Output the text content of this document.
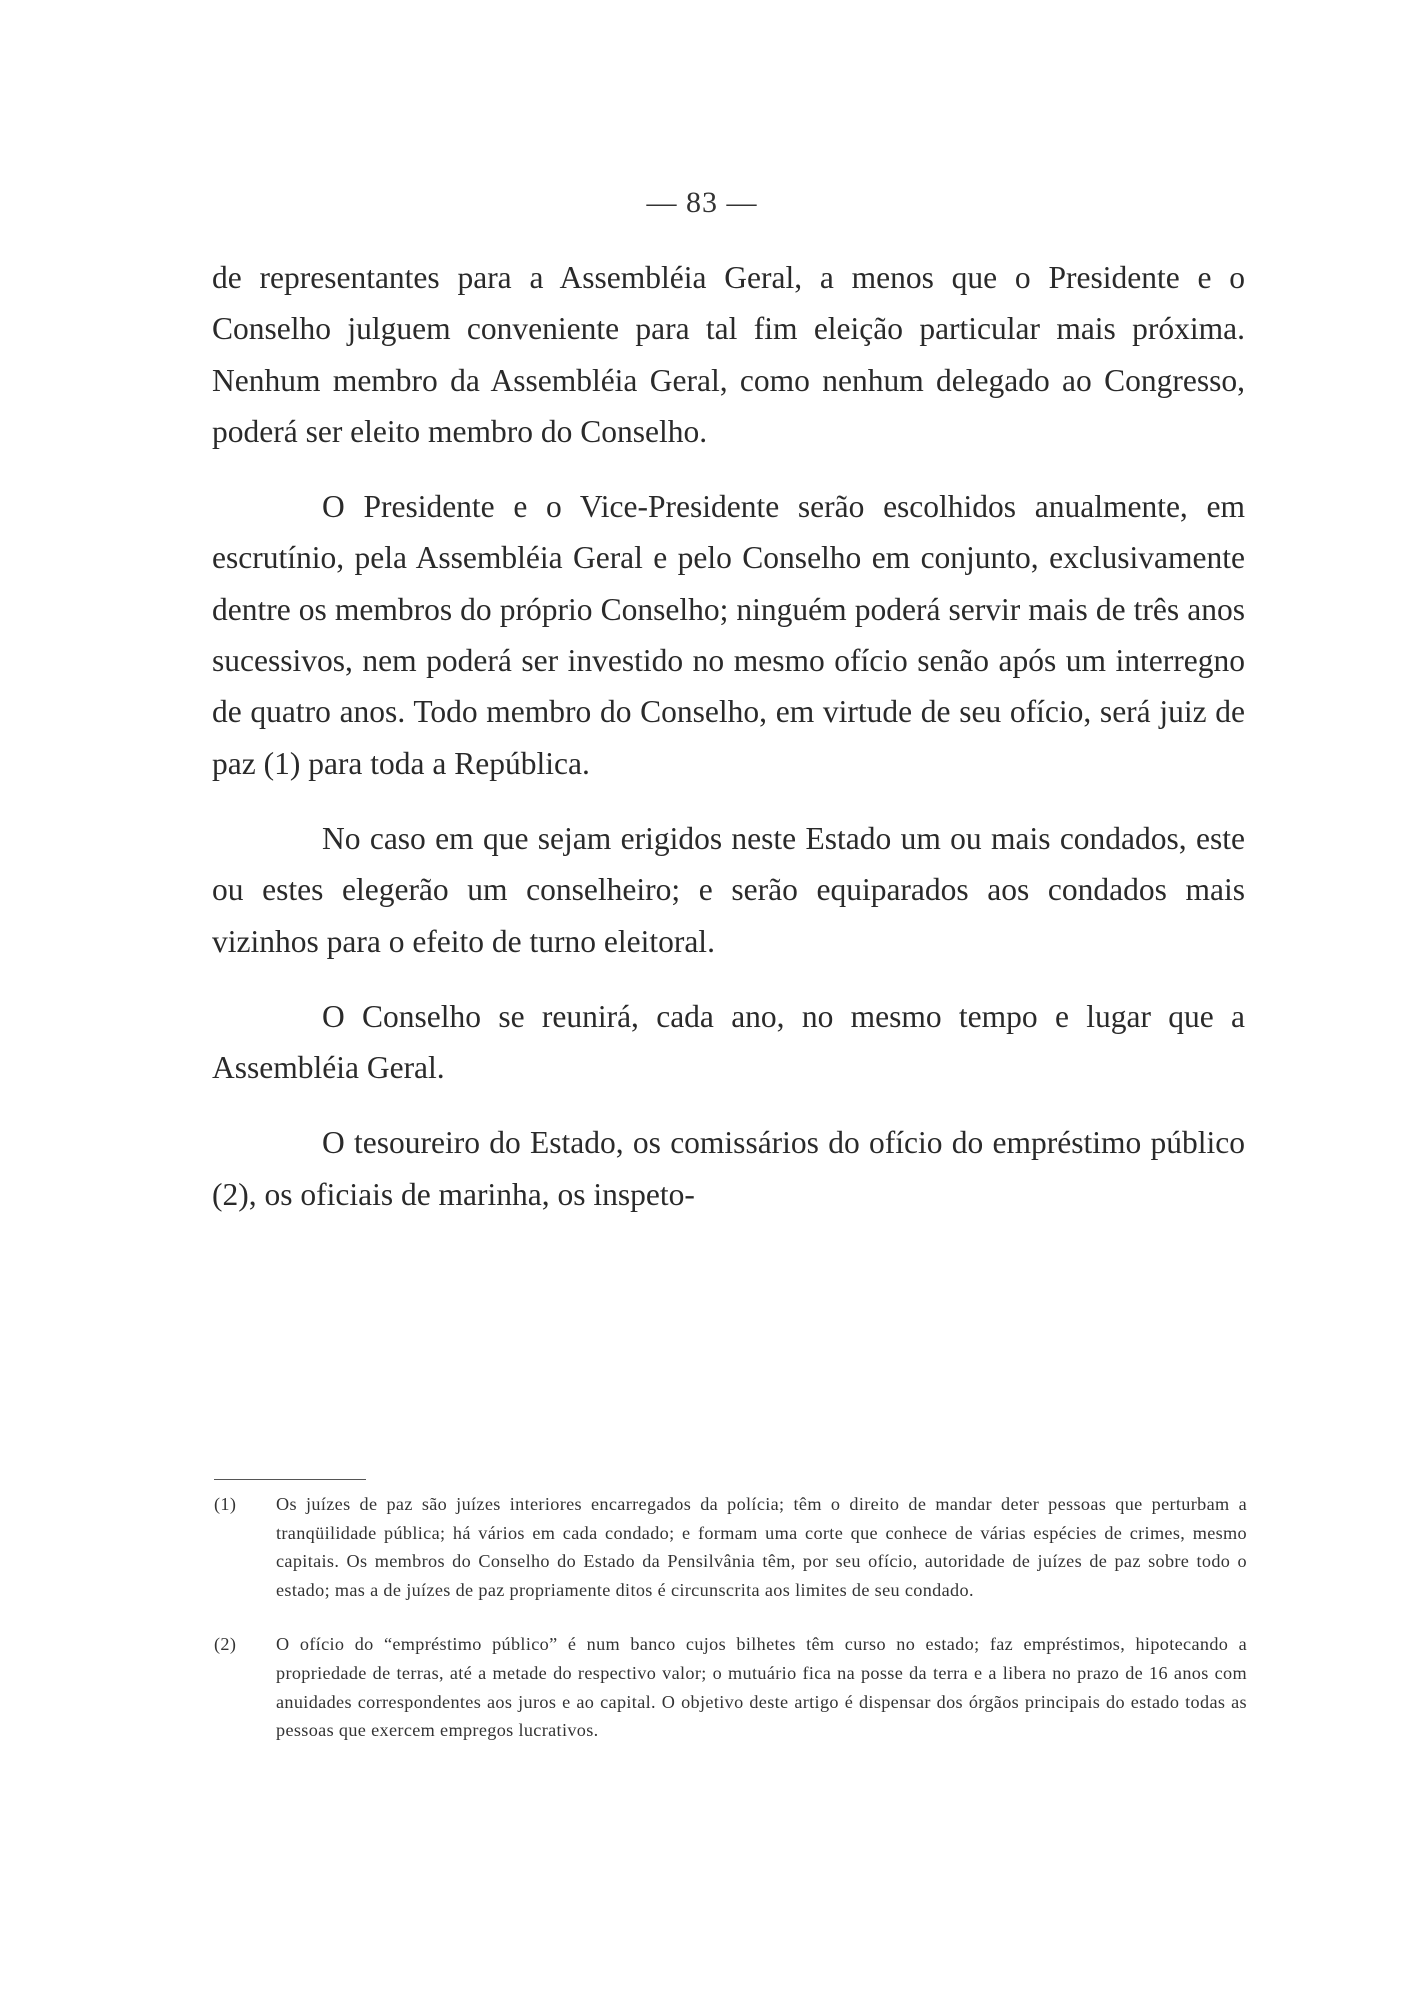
— 83 —

de representantes para a Assembléia Geral, a menos que o Presidente e o Conselho julguem conveniente para tal fim eleição particular mais próxima. Nenhum membro da Assembléia Geral, como nenhum delegado ao Congresso, poderá ser eleito membro do Conselho.

O Presidente e o Vice-Presidente serão escolhidos anualmente, em escrutínio, pela Assembléia Geral e pelo Conselho em conjunto, exclusivamente dentre os membros do próprio Conselho; ninguém poderá servir mais de três anos sucessivos, nem poderá ser investido no mesmo ofício senão após um interregno de quatro anos. Todo membro do Conselho, em virtude de seu ofício, será juiz de paz (1) para toda a República.

No caso em que sejam erigidos neste Estado um ou mais condados, este ou estes elegerão um conselheiro; e serão equiparados aos condados mais vizinhos para o efeito de turno eleitoral.

O Conselho se reunirá, cada ano, no mesmo tempo e lugar que a Assembléia Geral.

O tesoureiro do Estado, os comissários do ofício do empréstimo público (2), os oficiais de marinha, os inspeto-

(1) Os juízes de paz são juízes interiores encarregados da polícia; têm o direito de mandar deter pessoas que perturbam a tranqüilidade pública; há vários em cada condado; e formam uma corte que conhece de várias espécies de crimes, mesmo capitais. Os membros do Conselho do Estado da Pensilvânia têm, por seu ofício, autoridade de juízes de paz sobre todo o estado; mas a de juízes de paz propriamente ditos é circunscrita aos limites de seu condado.
(2) O ofício do “empréstimo público” é num banco cujos bilhetes têm curso no estado; faz empréstimos, hipotecando a propriedade de terras, até a metade do respectivo valor; o mutuário fica na posse da terra e a libera no prazo de 16 anos com anuidades correspondentes aos juros e ao capital. O objetivo deste artigo é dispensar dos órgãos principais do estado todas as pessoas que exercem empregos lucrativos.
